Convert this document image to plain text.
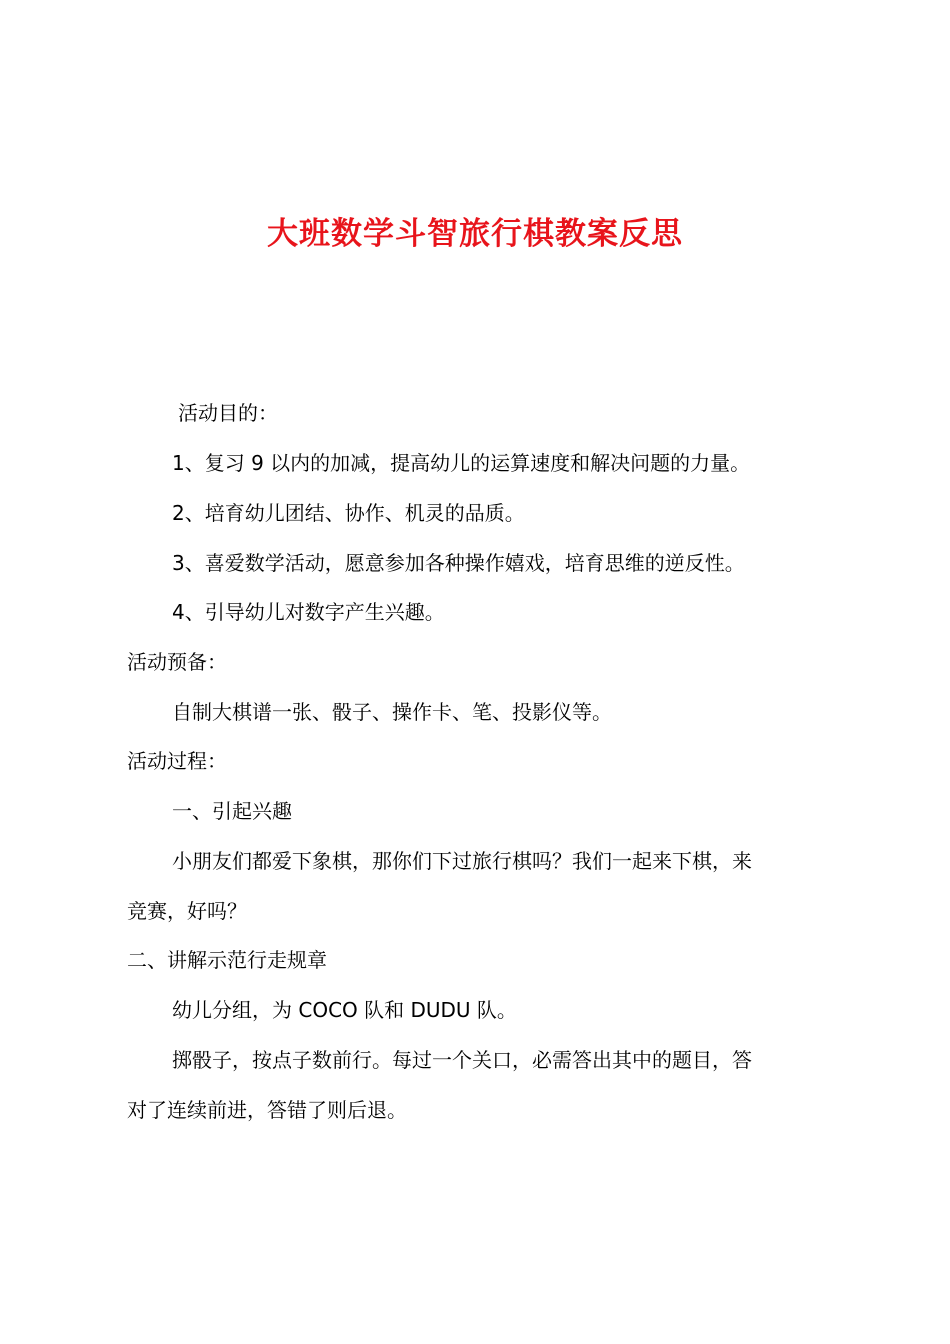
大班数学斗智旅行棋教案反思
活动目的：
1、复习 9 以内的加减，提高幼儿的运算速度和解决问题的力量。
2、培育幼儿团结、协作、机灵的品质。
3、喜爱数学活动，愿意参加各种操作嬉戏，培育思维的逆反性。
4、引导幼儿对数字产生兴趣。
活动预备：
自制大棋谱一张、骰子、操作卡、笔、投影仪等。
活动过程：
一、引起兴趣
小朋友们都爱下象棋，那你们下过旅行棋吗？我们一起来下棋，来
竞赛，好吗？
二、讲解示范行走规章
幼儿分组，为 COCO 队和 DUDU 队。
掷骰子，按点子数前行。每过一个关口，必需答出其中的题目，答
对了连续前进，答错了则后退。
